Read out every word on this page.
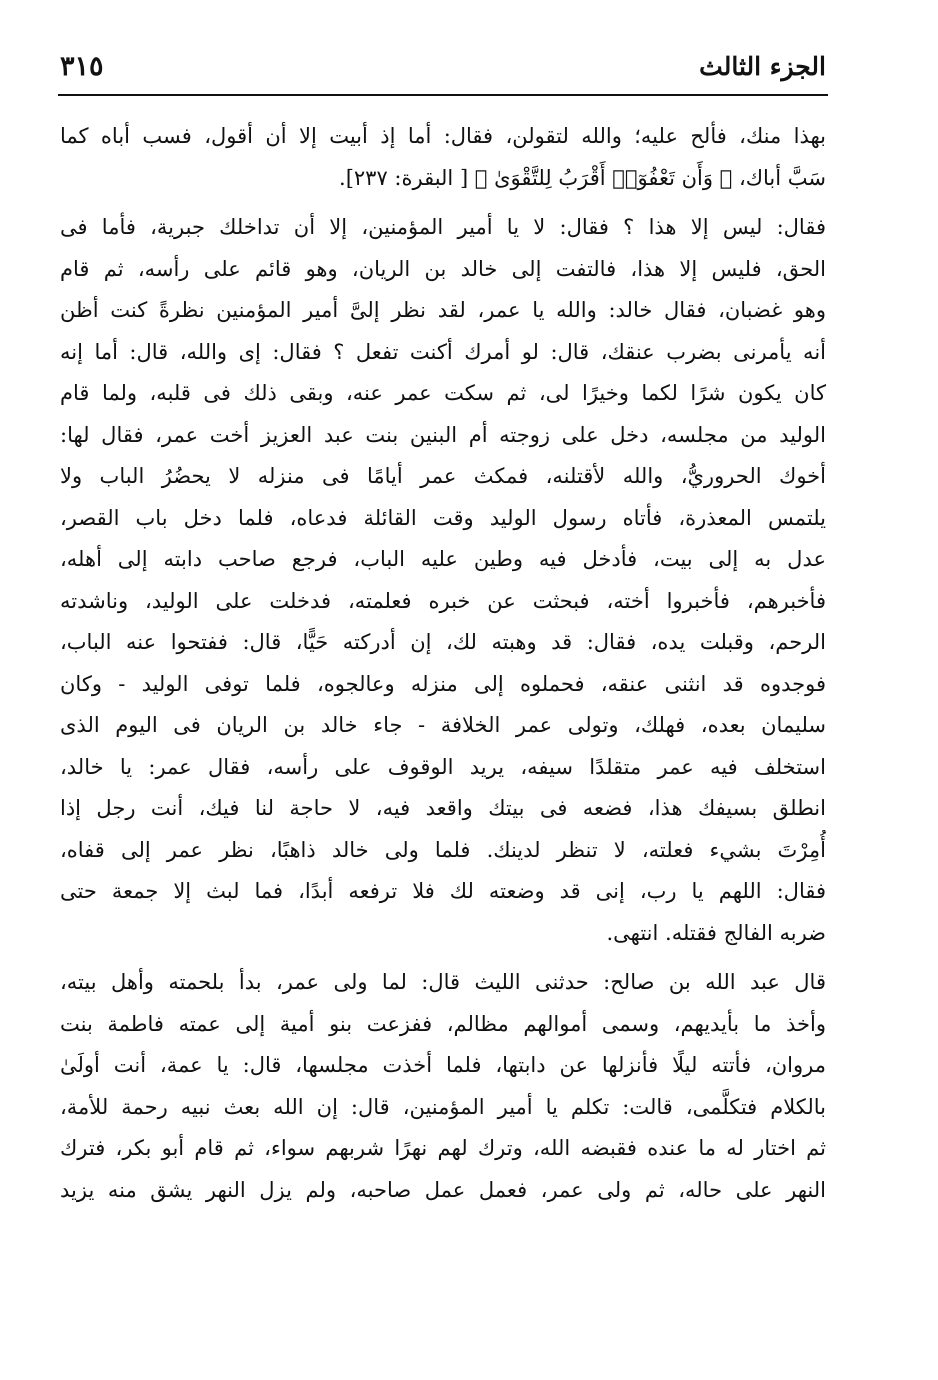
الجزء الثالث
٣١٥

بهذا منك، فألح عليه؛ والله لتقولن، فقال: أما إذ أبيت إلا أن أقول، فسب أباه كما
سَبَّ أباك، ﴿ وَأَن تَعْفُوٓا۟ أَقْرَبُ لِلتَّقْوَىٰ ﴾ [ البقرة: ٢٣٧].

فقال: ليس إلا هذا ؟ فقال: لا يا أمير المؤمنين، إلا أن تداخلك جبرية، فأما فى
الحق، فليس إلا هذا، فالتفت إلى خالد بن الريان، وهو قائم على رأسه، ثم قام
وهو غضبان، فقال خالد: والله يا عمر، لقد نظر إلىَّ أمير المؤمنين نظرةً كنت أظن
أنه يأمرنى بضرب عنقك، قال: لو أمرك أكنت تفعل ؟ فقال: إى والله، قال: أما إنه
كان يكون شرًا لكما وخيرًا لى، ثم سكت عمر عنه، وبقى ذلك فى قلبه، ولما قام
الوليد من مجلسه، دخل على زوجته أم البنين بنت عبد العزيز أخت عمر، فقال لها:
أخوك الحروريُّ، والله لأقتلنه، فمكث عمر أيامًا فى منزله لا يحضُرُ الباب ولا
يلتمس المعذرة، فأتاه رسول الوليد وقت القائلة فدعاه، فلما دخل باب القصر،
عدل به إلى بيت، فأدخل فيه وطين عليه الباب، فرجع صاحب دابته إلى أهله،
فأخبرهم، فأخبروا أخته، فبحثت عن خبره فعلمته، فدخلت على الوليد، وناشدته
الرحم، وقبلت يده، فقال: قد وهبته لك، إن أدركته حَيًّا، قال: ففتحوا عنه الباب،
فوجدوه قد انثنى عنقه، فحملوه إلى منزله وعالجوه، فلما توفى الوليد - وكان
سليمان بعده، فهلك، وتولى عمر الخلافة - جاء خالد بن الريان فى اليوم الذى
استخلف فيه عمر متقلدًا سيفه، يريد الوقوف على رأسه، فقال عمر: يا خالد،
انطلق بسيفك هذا، فضعه فى بيتك واقعد فيه، لا حاجة لنا فيك، أنت رجل إذا
أُمِرْتَ بشيء فعلته، لا تنظر لدينك. فلما ولى خالد ذاهبًا، نظر عمر إلى قفاه،
فقال: اللهم يا رب، إنى قد وضعته لك فلا ترفعه أبدًا، فما لبث إلا جمعة حتى
ضربه الفالج فقتله. انتهى.

قال عبد الله بن صالح: حدثنى الليث قال: لما ولى عمر، بدأ بلحمته وأهل بيته،
وأخذ ما بأيديهم، وسمى أموالهم مظالم، ففزعت بنو أمية إلى عمته فاطمة بنت
مروان، فأتته ليلًا فأنزلها عن دابتها، فلما أخذت مجلسها، قال: يا عمة، أنت أولَىٰ
بالكلام فتكلَّمى، قالت: تكلم يا أمير المؤمنين، قال: إن الله بعث نبيه رحمة للأمة،
ثم اختار له ما عنده فقبضه الله، وترك لهم نهرًا شربهم سواء، ثم قام أبو بكر، فترك
النهر على حاله، ثم ولى عمر، فعمل عمل صاحبه، ولم يزل النهر يشق منه يزيد
